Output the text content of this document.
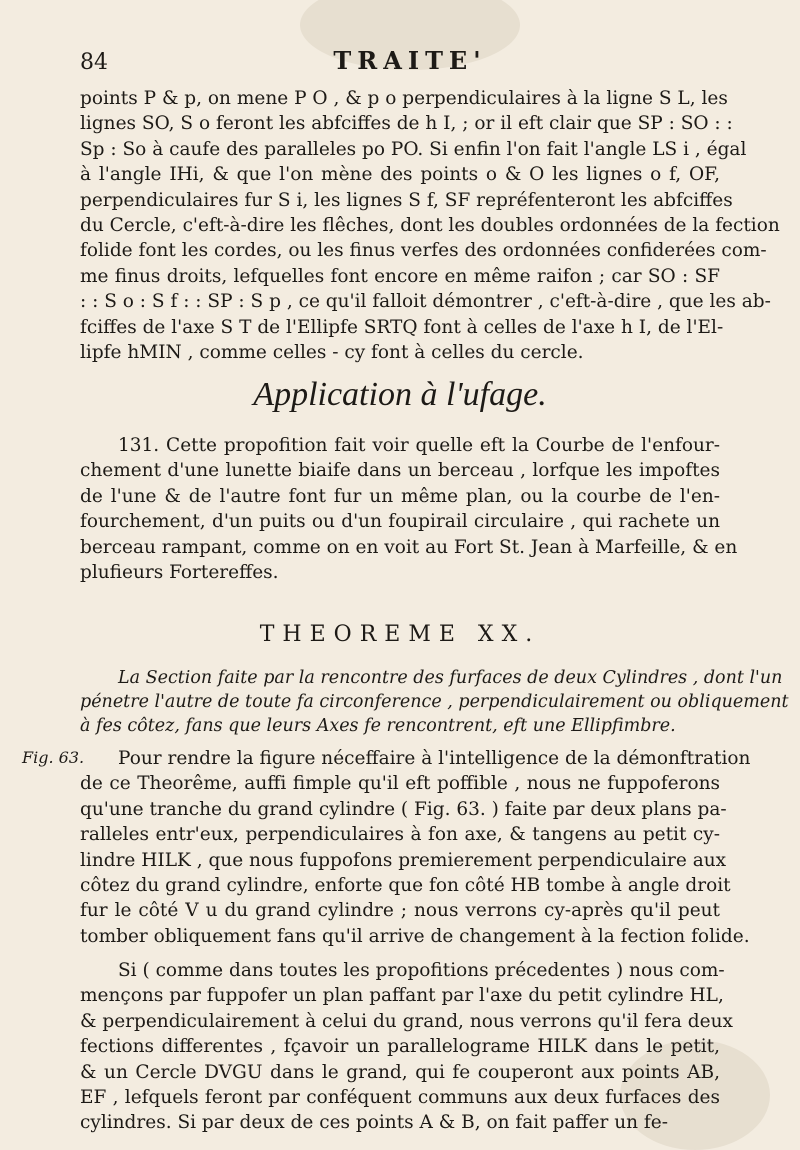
84	TRAITE'
points P & p, on mene P O , & p o perpendiculaires à la ligne S L, les
lignes SO, S o feront les abfciffes de h I, ; or il eft clair que SP : SO : :
Sp : So à caufe des paralleles po PO. Si enfin l'on fait l'angle LS i , égal
à l'angle IHi, & que l'on mène des points o & O les lignes o f, OF,
perpendiculaires fur S i, les lignes S f, SF repréfenteront les abfciffes
du Cercle, c'eft-à-dire les flêches, dont les doubles ordonnées de la fection
folide font les cordes, ou les finus verfes des ordonnées confiderées com-
me finus droits, lefquelles font encore en même raifon ; car SO : SF
: : S o : S f : : SP : S p , ce qu'il falloit démontrer , c'eft-à-dire , que les ab-
fciffes de l'axe S T de l'Ellipfe SRTQ font à celles de l'axe h I, de l'El-
lipfe hMIN , comme celles - cy font à celles du cercle.
Application à l'ufage.
131. Cette propofition fait voir quelle eft la Courbe de l'enfour-
chement d'une lunette biaife dans un berceau , lorfque les impoftes
de l'une & de l'autre font fur un même plan, ou la courbe de l'en-
fourchement, d'un puits ou d'un foupirail circulaire , qui rachete un
berceau rampant, comme on en voit au Fort St. Jean à Marfeille, & en
plufieurs Fortereffes.
THEOREME XX.
La Section faite par la rencontre des furfaces de deux Cylindres , dont l'un
pénetre l'autre de toute fa circonference , perpendiculairement ou obliquement
à fes côtez, fans que leurs Axes fe rencontrent, eft une Ellipfimbre.
Fig. 63.	Pour rendre la figure néceffaire à l'intelligence de la démonftration
de ce Theorême, auffi fimple qu'il eft poffible , nous ne fuppoferons
qu'une tranche du grand cylindre ( Fig. 63. ) faite par deux plans pa-
ralleles entr'eux, perpendiculaires à fon axe, & tangens au petit cy-
lindre HILK , que nous fuppofons premierement perpendiculaire aux
côtez du grand cylindre, enforte que fon côté HB tombe à angle droit
fur le côté V u du grand cylindre ; nous verrons cy-après qu'il peut
tomber obliquement fans qu'il arrive de changement à la fection folide.
Si ( comme dans toutes les propofitions précedentes ) nous com-
mençons par fuppofer un plan paffant par l'axe du petit cylindre HL,
& perpendiculairement à celui du grand, nous verrons qu'il fera deux
fections differentes , fçavoir un parallelograme HILK dans le petit,
& un Cercle DVGU dans le grand, qui fe couperont aux points AB,
EF , lefquels feront par conféquent communs aux deux furfaces des
cylindres. Si par deux de ces points A & B, on fait paffer un fe-
